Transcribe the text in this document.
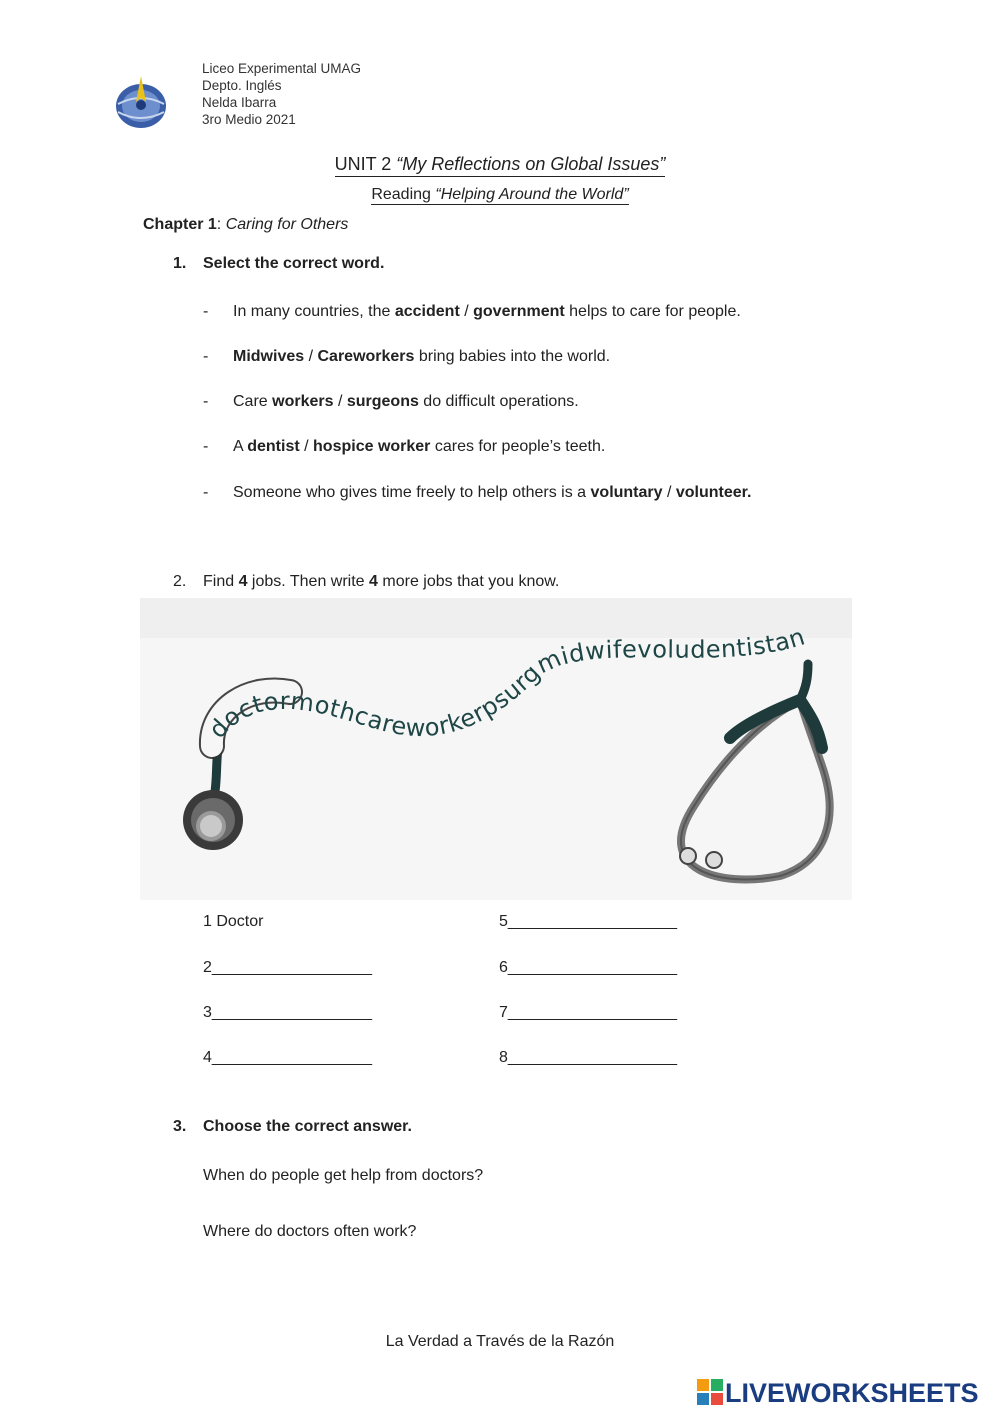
Liceo Experimental UMAG
Depto. Inglés
Nelda Ibarra
3ro Medio 2021
UNIT 2 “My Reflections on Global Issues”
Reading “Helping Around the World”
Chapter 1: Caring for Others
1. Select the correct word.
- In many countries, the accident / government helps to care for people.
- Midwives / Careworkers bring babies into the world.
- Care workers / surgeons do difficult operations.
- A dentist / hospice worker cares for people’s teeth.
- Someone who gives time freely to help others is a voluntary / volunteer.
2. Find 4 jobs. Then write 4 more jobs that you know.
doctormothcareworkerpsurgmidwifevoludentistan
1 Doctor
2__________________
3__________________
4__________________
5___________________
6___________________
7___________________
8___________________
3. Choose the correct answer.
When do people get help from doctors?
Where do doctors often work?
La Verdad a Través de la Razón
LIVEWORKSHEETS
